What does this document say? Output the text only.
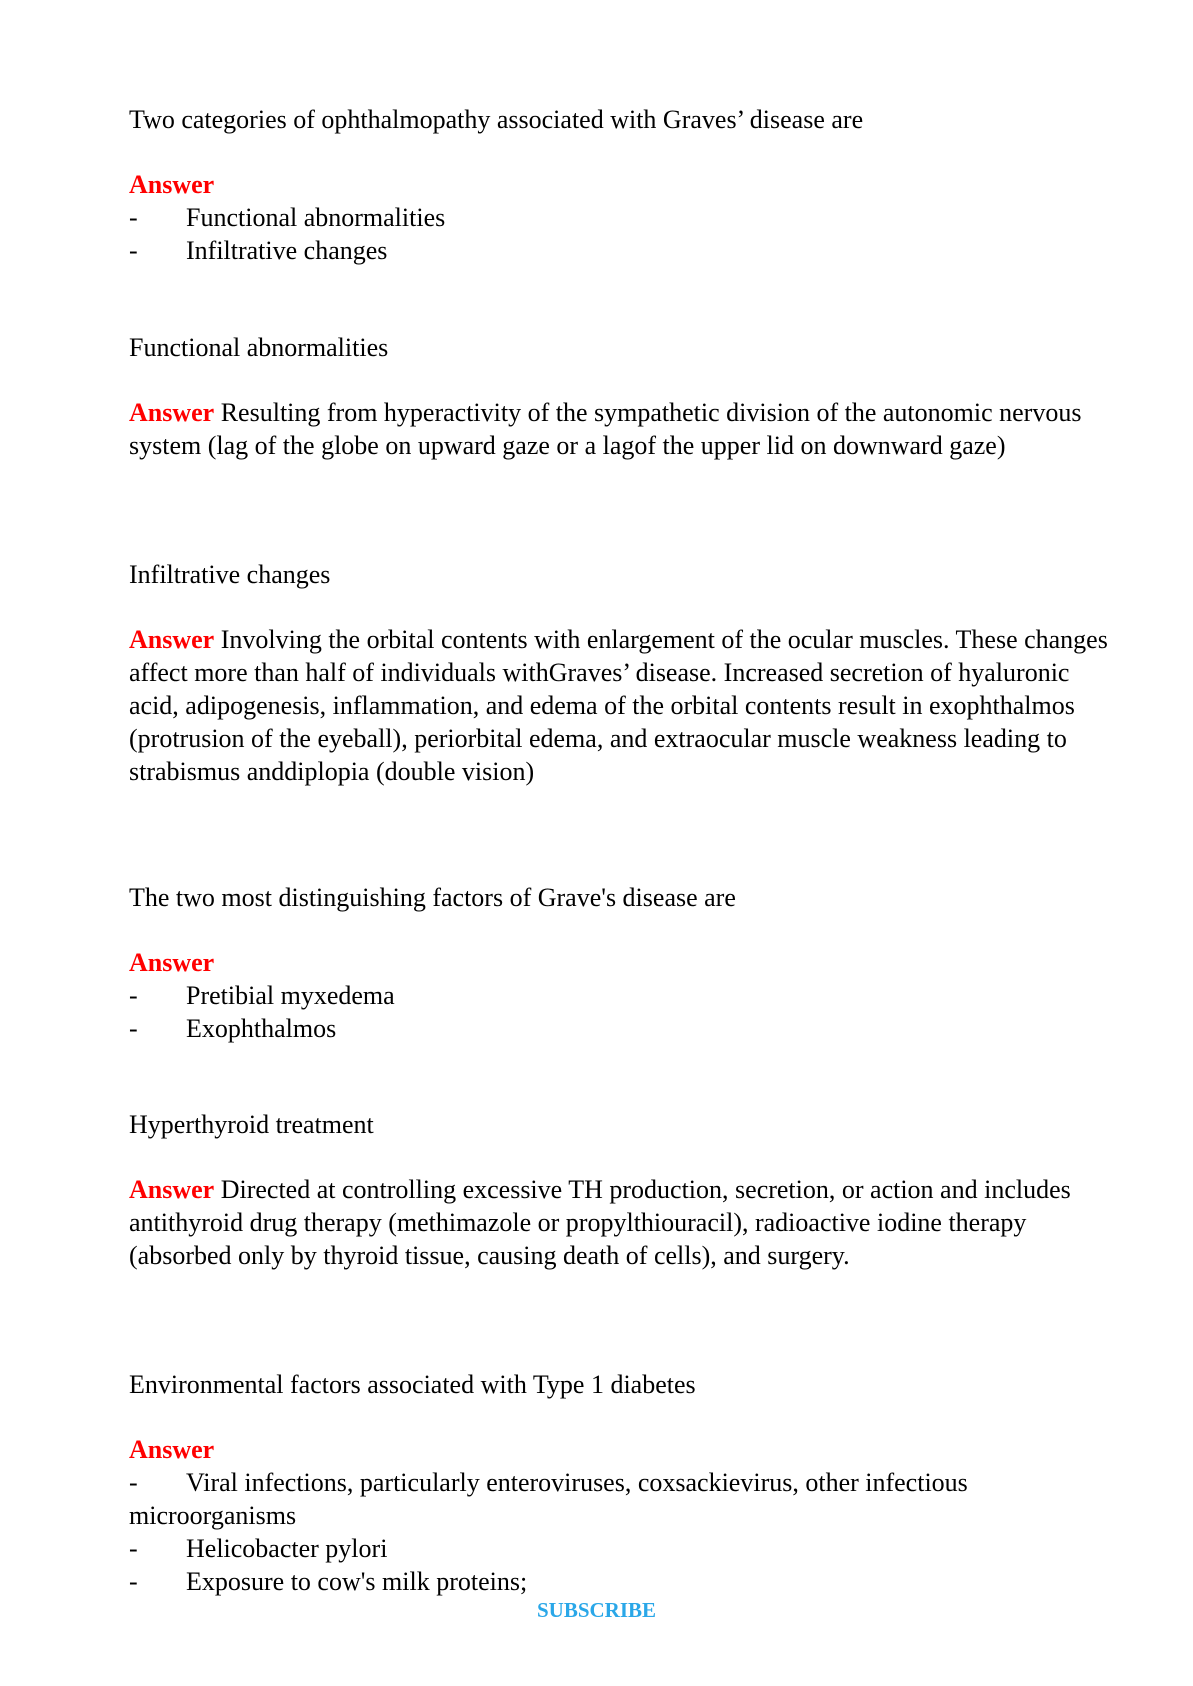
Two categories of ophthalmopathy associated with Graves’ disease are

Answer
- Functional abnormalities
- Infiltrative changes

Functional abnormalities

Answer Resulting from hyperactivity of the sympathetic division of the autonomic nervous system (lag of the globe on upward gaze or a lagof the upper lid on downward gaze)

Infiltrative changes

Answer Involving the orbital contents with enlargement of the ocular muscles. These changes affect more than half of individuals withGraves’ disease. Increased secretion of hyaluronic acid, adipogenesis, inflammation, and edema of the orbital contents result in exophthalmos (protrusion of the eyeball), periorbital edema, and extraocular muscle weakness leading to strabismus anddiplopia (double vision)

The two most distinguishing factors of Grave's disease are

Answer
- Pretibial myxedema
- Exophthalmos

Hyperthyroid treatment

Answer Directed at controlling excessive TH production, secretion, or action and includes antithyroid drug therapy (methimazole or propylthiouracil), radioactive iodine therapy (absorbed only by thyroid tissue, causing death of cells), and surgery.

Environmental factors associated with Type 1 diabetes

Answer
- Viral infections, particularly enteroviruses, coxsackievirus, other infectious microorganisms
- Helicobacter pylori
- Exposure to cow's milk proteins;
SUBSCRIBE
